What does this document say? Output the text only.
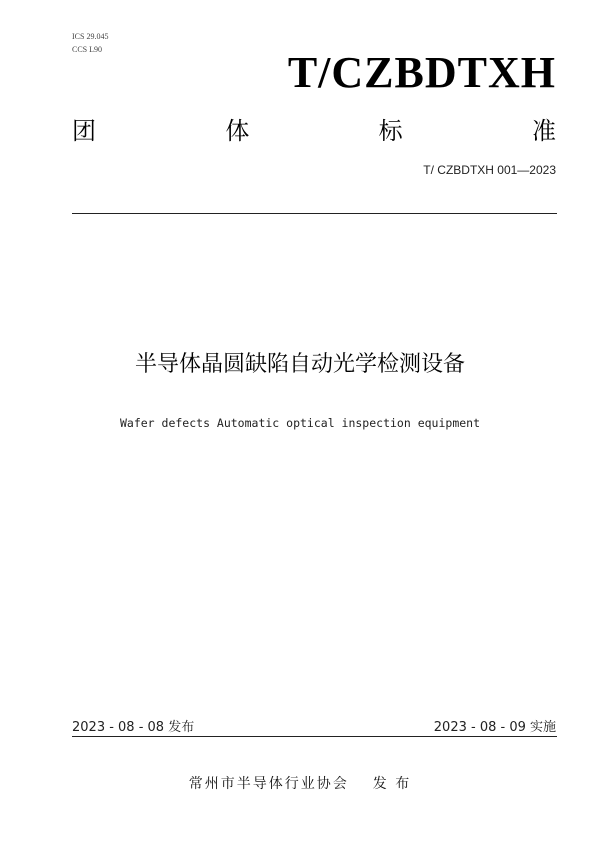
ICS 29.045
CCS L90	T/CZBDTXH
团	体	标	准
T/ CZBDTXH 001—2023
半导体晶圆缺陷自动光学检测设备
Wafer defects Automatic optical inspection equipment
2023 - 08 - 08 发布	2023 - 08 - 09 实施
常州市半导体行业协会 发 布
